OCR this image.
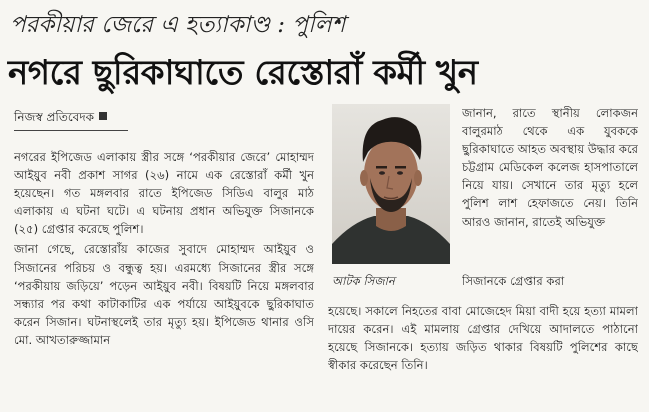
পরকীয়ার জেরে এ হত্যাকাণ্ড : পুলিশ
নগরে ছুরিকাঘাতে রেস্তোরাঁ কর্মী খুন
নিজস্ব প্রতিবেদক

নগরের ইপিজেড এলাকায় স্ত্রীর সঙ্গে ‘পরকীয়ার জেরে’ মোহাম্মদ আইয়ুব নবী প্রকাশ সাগর (২৬) নামে এক রেস্তোরাঁ কর্মী খুন হয়েছেন। গত মঙ্গলবার রাতে ইপিজেড সিডিএ বালুর মাঠ এলাকায় এ ঘটনা ঘটে। এ ঘটনায় প্রধান অভিযুক্ত সিজানকে (২৫) গ্রেপ্তার করেছে পুলিশ।

জানা গেছে, রেস্তোরাঁয় কাজের সুবাদে মোহাম্মদ আইয়ুব ও সিজানের পরিচয় ও বন্ধুত্ব হয়। এরমধ্যে সিজানের স্ত্রীর সঙ্গে ‘পরকীয়ায় জড়িয়ে’ পড়েন আইয়ুব নবী। বিষয়টি নিয়ে মঙ্গলবার সন্ধ্যার পর কথা কাটাকাটির এক পর্যায়ে আইয়ুবকে ছুরিকাঘাত করেন সিজান। ঘটনাস্থলেই তার মৃত্যু হয়। ইপিজেড থানার ওসি মো. আখতারুজ্জামান

আটক সিজান

জানান, রাতে স্থানীয় লোকজন বালুরমাঠ থেকে এক যুবককে ছুরিকাঘাতে আহত অবস্থায় উদ্ধার করে চট্টগ্রাম মেডিকেল কলেজ হাসপাতালে নিয়ে যায়। সেখানে তার মৃত্যু হলে পুলিশ লাশ হেফাজতে নেয়। তিনি আরও জানান, রাতেই অভিযুক্ত

সিজানকে গ্রেপ্তার করা

হয়েছে। সকালে নিহতের বাবা মোজেহেদ মিয়া বাদী হয়ে হত্যা মামলা দায়ের করেন। এই মামলায় গ্রেপ্তার দেখিয়ে আদালতে পাঠানো হয়েছে সিজানকে। হত্যায় জড়িত থাকার বিষয়টি পুলিশের কাছে স্বীকার করেছেন তিনি।
